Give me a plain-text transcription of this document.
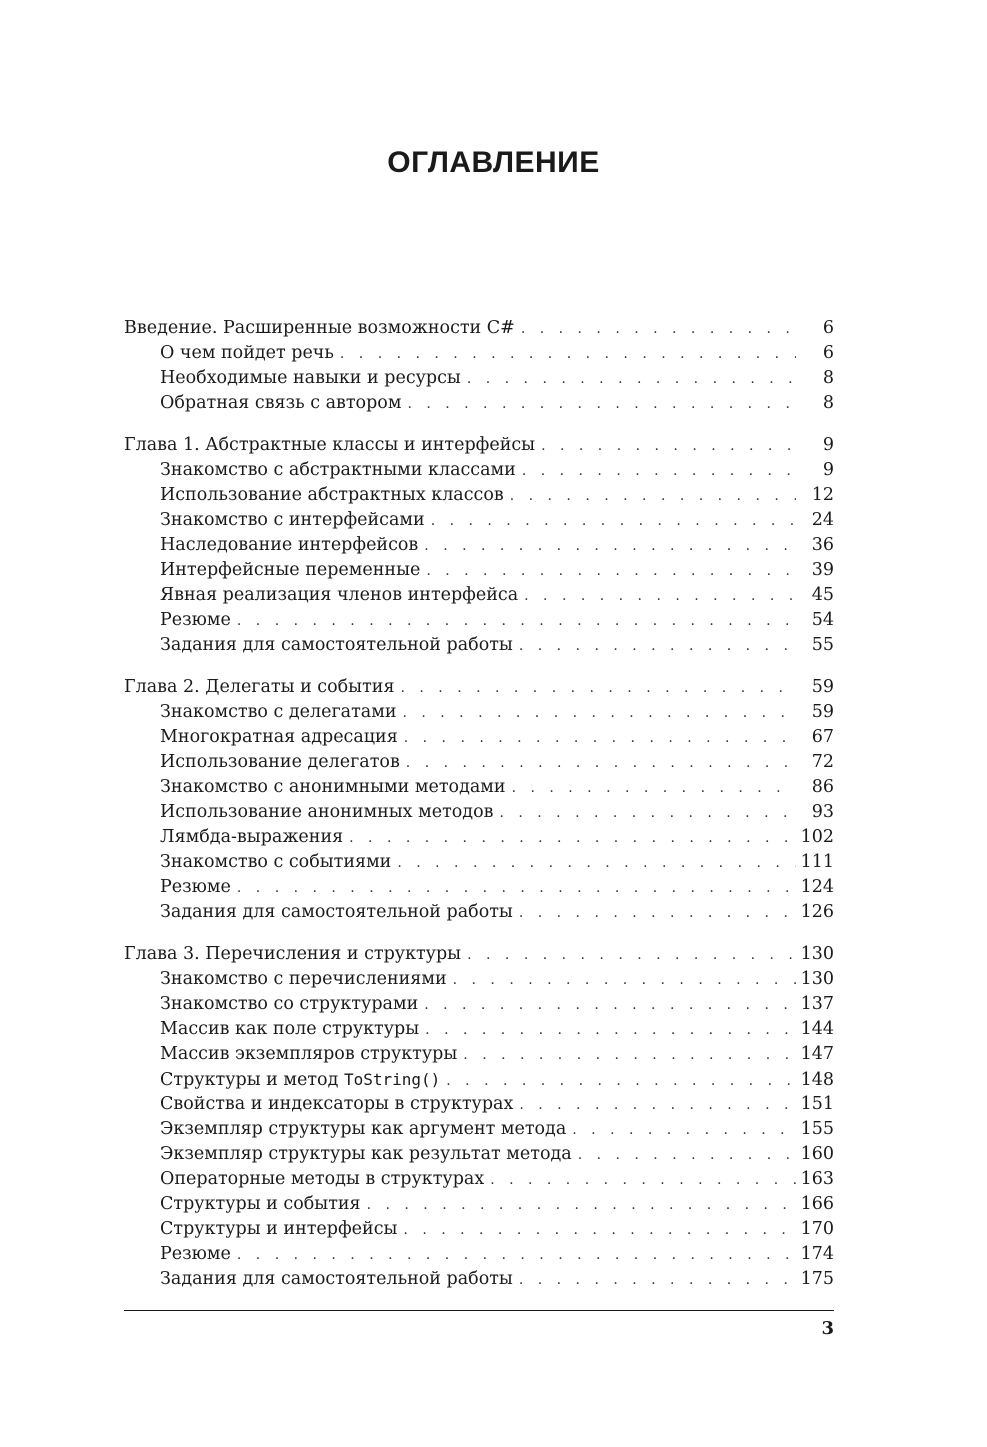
ОГЛАВЛЕНИЕ
Введение. Расширенные возможности C# . . .	6
О чем пойдет речь . . .	6
Необходимые навыки и ресурсы . . .	8
Обратная связь с автором . . .	8
Глава 1. Абстрактные классы и интерфейсы . . .	9
Знакомство с абстрактными классами . . .	9
Использование абстрактных классов . . .	12
Знакомство с интерфейсами . . .	24
Наследование интерфейсов . . .	36
Интерфейсные переменные . . .	39
Явная реализация членов интерфейса . . .	45
Резюме . . .	54
Задания для самостоятельной работы . . .	55
Глава 2. Делегаты и события . . .	59
Знакомство с делегатами . . .	59
Многократная адресация . . .	67
Использование делегатов . . .	72
Знакомство с анонимными методами . . .	86
Использование анонимных методов . . .	93
Лямбда-выражения . . .	102
Знакомство с событиями . . .	111
Резюме . . .	124
Задания для самостоятельной работы . . .	126
Глава 3. Перечисления и структуры . . .	130
Знакомство с перечислениями . . .	130
Знакомство со структурами . . .	137
Массив как поле структуры . . .	144
Массив экземпляров структуры . . .	147
Структуры и метод ToString() . . .	148
Свойства и индексаторы в структурах . . .	151
Экземпляр структуры как аргумент метода . . .	155
Экземпляр структуры как результат метода . . .	160
Операторные методы в структурах . . .	163
Структуры и события . . .	166
Структуры и интерфейсы . . .	170
Резюме . . .	174
Задания для самостоятельной работы . . .	175
3
